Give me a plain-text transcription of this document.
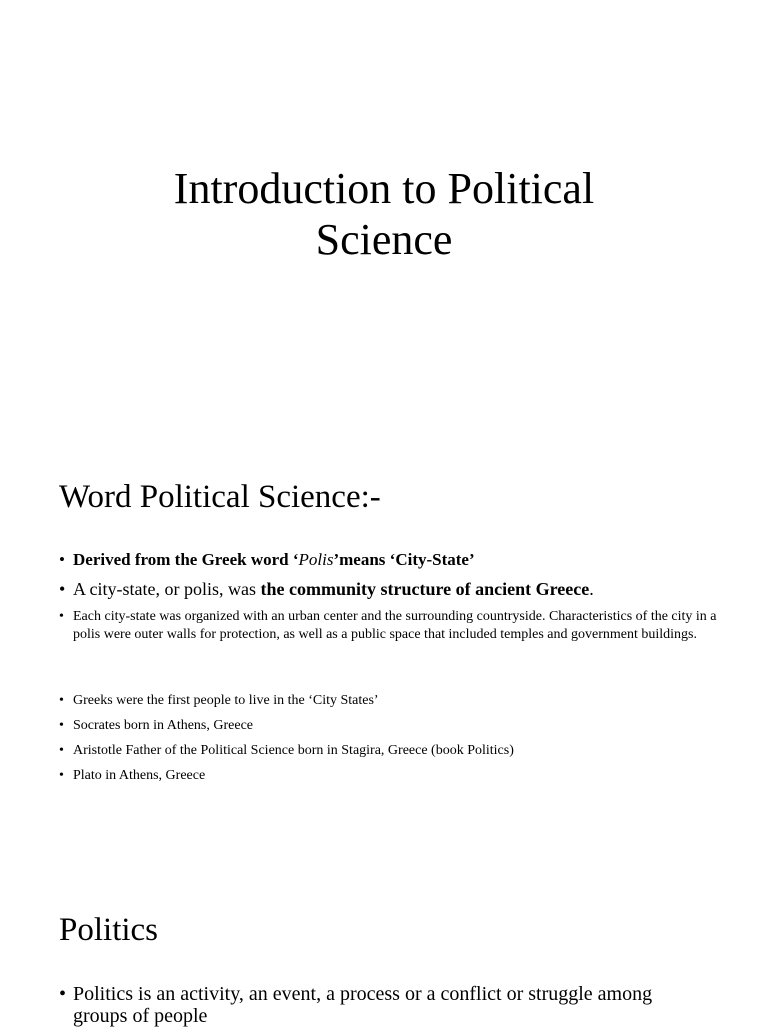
Introduction to Political
Science
Word Political Science:-
• Derived from the Greek word ‘Polis’means ‘City-State’
• A city-state, or polis, was the community structure of ancient Greece.
• Each city-state was organized with an urban center and the surrounding countryside. Characteristics of the city in a polis were outer walls for protection, as well as a public space that included temples and government buildings.
• Greeks were the first people to live in the ‘City States’
• Socrates born in Athens, Greece
• Aristotle Father of the Political Science born in Stagira, Greece (book Politics)
• Plato in Athens, Greece
Politics
• Politics is an activity, an event, a process or a conflict or struggle among groups of people
